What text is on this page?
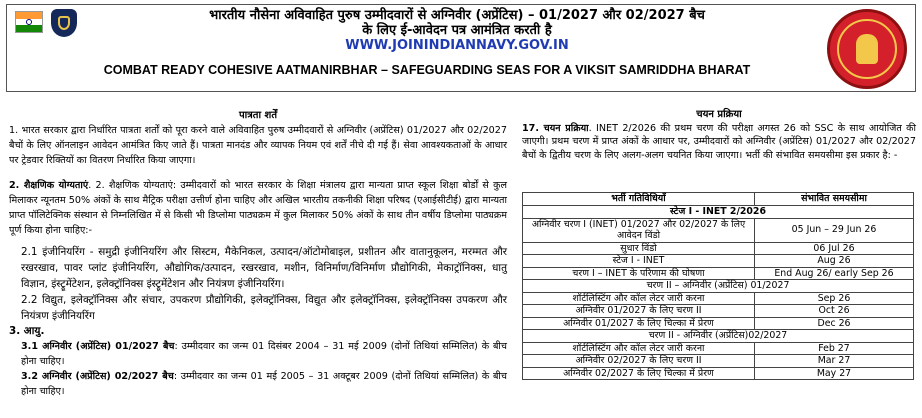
भारतीय नौसेना अविवाहित पुरुष उम्मीदवारों से अग्निवीर (अप्रेंटिस) – 01/2027 और 02/2027 बैच
के लिए ई-आवेदन पत्र आमंत्रित करती है
WWW.JOININDIANNAVY.GOV.IN
COMBAT READY COHESIVE AATMANIRBHAR – SAFEGUARDING SEAS FOR A VIKSIT SAMRIDDHA BHARAT
पात्रता शर्तें

1. भारत सरकार द्वारा निर्धारित पात्रता शर्तों को पूरा करने वाले अविवाहित पुरुष उम्मीदवारों से अग्निवीर (अप्रेंटिस) 01/2027 और 02/2027 बैचों के लिए ऑनलाइन आवेदन आमंत्रित किए जाते हैं। पात्रता मानदंड और व्यापक नियम एवं शर्तें नीचे दी गई हैं। सेवा आवश्यकताओं के आधार पर ट्रेडवार रिक्तियों का वितरण निर्धारित किया जाएगा।

2. शैक्षणिक योग्यताएं. 2. शैक्षणिक योग्यताएं: उम्मीदवारों को भारत सरकार के शिक्षा मंत्रालय द्वारा मान्यता प्राप्त स्कूल शिक्षा बोर्डों से कुल मिलाकर न्यूनतम 50% अंकों के साथ मैट्रिक परीक्षा उत्तीर्ण होना चाहिए और अखिल भारतीय तकनीकी शिक्षा परिषद (एआईसीटीई) द्वारा मान्यता प्राप्त पॉलिटेक्निक संस्थान से निम्नलिखित में से किसी भी डिप्लोमा पाठ्यक्रम में कुल मिलाकर 50% अंकों के साथ तीन वर्षीय डिप्लोमा पाठ्यक्रम पूर्ण किया होना चाहिए:-

2.1 इंजीनियरिंग - समुद्री इंजीनियरिंग और सिस्टम, मैकेनिकल, उत्पादन/ऑटोमोबाइल, प्रशीतन और वातानुकूलन, मरम्मत और रखरखाव, पावर प्लांट इंजीनियरिंग, औद्योगिक/उत्पादन, रखरखाव, मशीन, विनिर्माण/विनिर्माण प्रौद्योगिकी, मेकाट्रॉनिक्स, धातु विज्ञान, इंस्ट्रूमेंटेशन, इलेक्ट्रॉनिक्स इंस्ट्रूमेंटेशन और नियंत्रण इंजीनियरिंग।

2.2 विद्युत, इलेक्ट्रॉनिक्स और संचार, उपकरण प्रौद्योगिकी, इलेक्ट्रॉनिक्स, विद्युत और इलेक्ट्रॉनिक्स, इलेक्ट्रॉनिक्स उपकरण और नियंत्रण इंजीनियरिंग

3. आयु.

3.1 अग्निवीर (अप्रेंटिस) 01/2027 बैच: उम्मीदवार का जन्म 01 दिसंबर 2004 – 31 मई 2009 (दोनों तिथियां सम्मिलित) के बीच होना चाहिए।

3.2 अग्निवीर (अप्रेंटिस) 02/2027 बैच: उम्मीदवार का जन्म 01 मई 2005 – 31 अक्टूबर 2009 (दोनों तिथियां सम्मिलित) के बीच होना चाहिए।

चयन प्रक्रिया

17. चयन प्रक्रिया. INET 2/2026 की प्रथम चरण की परीक्षा अगस्त 26 को SSC के साथ आयोजित की जाएगी। प्रथम चरण में प्राप्त अंकों के आधार पर, उम्मीदवारों को अग्निवीर (अप्रेंटिस) 01/2027 और 02/2027 बैचों के द्वितीय चरण के लिए अलग-अलग चयनित किया जाएगा। भर्ती की संभावित समयसीमा इस प्रकार है: -

भर्ती गतिविधियाँ	संभावित समयसीमा
स्टेज I - INET 2/2026	
अग्निवीर चरण I (INET) 01/2027 और 02/2027 के लिए आवेदन विंडो	05 Jun – 29 Jun 26
सुधार विंडो	06 Jul 26
स्टेज I - INET	Aug 26
चरण I – INET के परिणाम की घोषणा	End Aug 26/ early Sep 26
चरण II – अग्निवीर (अप्रेंटिस) 01/2027	
शॉर्टलिस्टिंग और कॉल लेटर जारी करना	Sep 26
अग्निवीर 01/2027 के लिए चरण II	Oct 26
अग्निवीर 01/2027 के लिए चिल्का में प्रेरण	Dec 26
चरण II - अग्निवीर (अप्रेंटिस)02/2027	
शॉर्टलिस्टिंग और कॉल लेटर जारी करना	Feb 27
अग्निवीर 02/2027 के लिए चरण II	Mar 27
अग्निवीर 02/2027 के लिए चिल्का में प्रेरण	May 27
